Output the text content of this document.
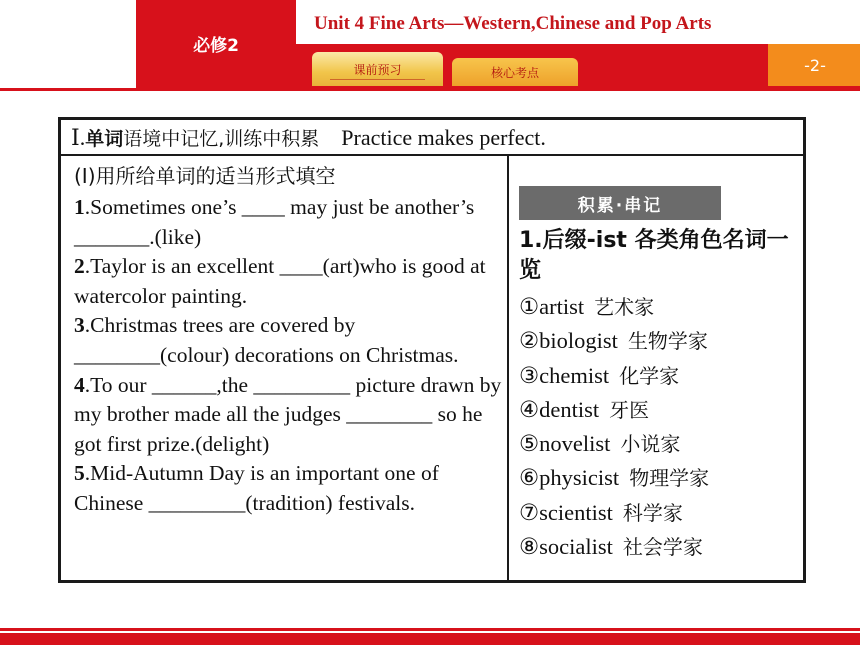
必修2
Unit 4 Fine Arts—Western,Chinese and Pop Arts
课前预习	核心考点	-2-
Ⅰ.单词语境中记忆,训练中积累 Practice makes perfect.

(Ⅰ)用所给单词的适当形式填空

1.Sometimes one’s ____ may just be another’s _______.(like)

2.Taylor is an excellent ____(art)who is good at watercolor painting.

3.Christmas trees are covered by ________(colour) decorations on Christmas.

4.To our ______,the _________ picture drawn by my brother made all the judges ________ so he got first prize.(delight)

5.Mid-Autumn Day is an important one of Chinese _________(tradition) festivals.

积累·串记
1.后缀-ist 各类角色名词一览
①artist 艺术家
②biologist 生物学家
③chemist 化学家
④dentist 牙医
⑤novelist 小说家
⑥physicist 物理学家
⑦scientist 科学家
⑧socialist 社会学家
